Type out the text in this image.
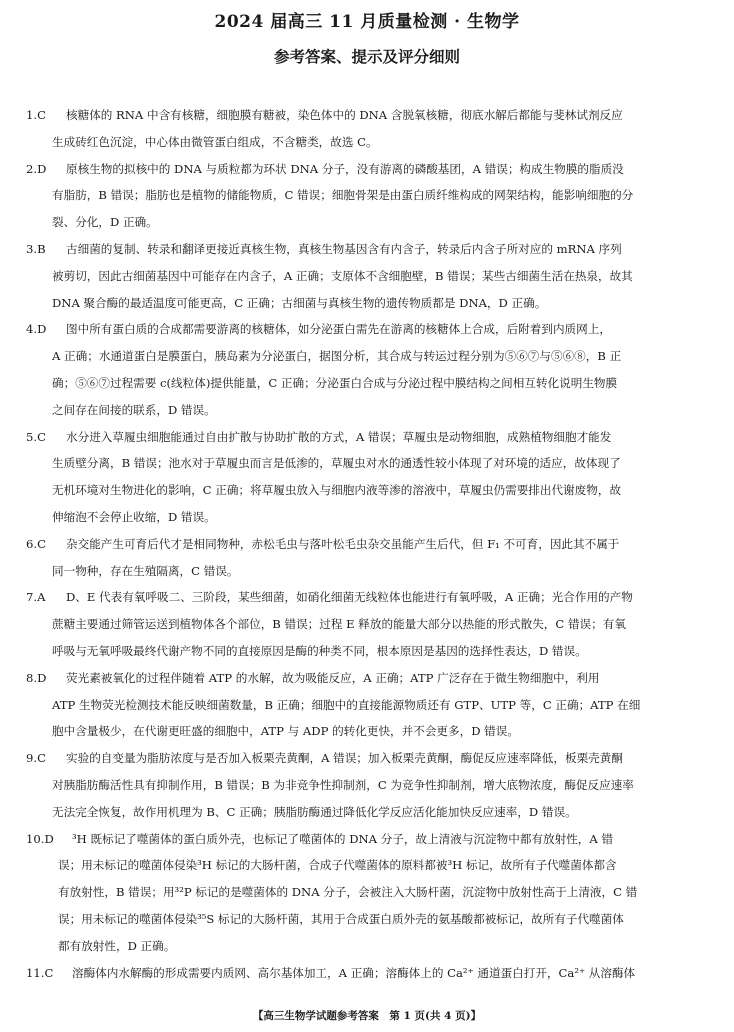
2024 届高三 11 月质量检测 · 生物学
参考答案、提示及评分细则
1.C	核糖体的 RNA 中含有核糖，细胞膜有糖被，染色体中的 DNA 含脱氧核糖，彻底水解后都能与斐林试剂反应
生成砖红色沉淀，中心体由微管蛋白组成，不含糖类，故选 C。
2.D	原核生物的拟核中的 DNA 与质粒都为环状 DNA 分子，没有游离的磷酸基团，A 错误；构成生物膜的脂质没
有脂肪，B 错误；脂肪也是植物的储能物质，C 错误；细胞骨架是由蛋白质纤维构成的网架结构，能影响细胞的分
裂、分化，D 正确。
3.B	古细菌的复制、转录和翻译更接近真核生物，真核生物基因含有内含子，转录后内含子所对应的 mRNA 序列
被剪切，因此古细菌基因中可能存在内含子，A 正确；支原体不含细胞壁，B 错误；某些古细菌生活在热泉，故其
DNA 聚合酶的最适温度可能更高，C 正确；古细菌与真核生物的遗传物质都是 DNA，D 正确。
4.D	图中所有蛋白质的合成都需要游离的核糖体，如分泌蛋白需先在游离的核糖体上合成，后附着到内质网上，
A 正确；水通道蛋白是膜蛋白，胰岛素为分泌蛋白，据图分析，其合成与转运过程分别为⑤⑥⑦与⑤⑥⑧，B 正
确；⑤⑥⑦过程需要 c(线粒体)提供能量，C 正确；分泌蛋白合成与分泌过程中膜结构之间相互转化说明生物膜
之间存在间接的联系，D 错误。
5.C	水分进入草履虫细胞能通过自由扩散与协助扩散的方式，A 错误；草履虫是动物细胞，成熟植物细胞才能发
生质壁分离，B 错误；池水对于草履虫而言是低渗的，草履虫对水的通透性较小体现了对环境的适应，故体现了
无机环境对生物进化的影响，C 正确；将草履虫放入与细胞内液等渗的溶液中，草履虫仍需要排出代谢废物，故
伸缩泡不会停止收缩，D 错误。
6.C	杂交能产生可育后代才是相同物种，赤松毛虫与落叶松毛虫杂交虽能产生后代，但 F₁ 不可育，因此其不属于
同一物种，存在生殖隔离，C 错误。
7.A	D、E 代表有氧呼吸二、三阶段，某些细菌，如硝化细菌无线粒体也能进行有氧呼吸，A 正确；光合作用的产物
蔗糖主要通过筛管运送到植物体各个部位，B 错误；过程 E 释放的能量大部分以热能的形式散失，C 错误；有氧
呼吸与无氧呼吸最终代谢产物不同的直接原因是酶的种类不同，根本原因是基因的选择性表达，D 错误。
8.D	荧光素被氧化的过程伴随着 ATP 的水解，故为吸能反应，A 正确；ATP 广泛存在于微生物细胞中，利用
ATP 生物荧光检测技术能反映细菌数量，B 正确；细胞中的直接能源物质还有 GTP、UTP 等，C 正确；ATP 在细
胞中含量极少，在代谢更旺盛的细胞中，ATP 与 ADP 的转化更快，并不会更多，D 错误。
9.C	实验的自变量为脂肪浓度与是否加入板栗壳黄酮，A 错误；加入板栗壳黄酮，酶促反应速率降低，板栗壳黄酮
对胰脂肪酶活性具有抑制作用，B 错误；B 为非竞争性抑制剂，C 为竞争性抑制剂，增大底物浓度，酶促反应速率
无法完全恢复，故作用机理为 B、C 正确；胰脂肪酶通过降低化学反应活化能加快反应速率，D 错误。
10.D	³H 既标记了噬菌体的蛋白质外壳，也标记了噬菌体的 DNA 分子，故上清液与沉淀物中都有放射性，A 错
误；用未标记的噬菌体侵染³H 标记的大肠杆菌，合成子代噬菌体的原料都被³H 标记，故所有子代噬菌体都含
有放射性，B 错误；用³²P 标记的是噬菌体的 DNA 分子，会被注入大肠杆菌，沉淀物中放射性高于上清液，C 错
误；用未标记的噬菌体侵染³⁵S 标记的大肠杆菌，其用于合成蛋白质外壳的氨基酸都被标记，故所有子代噬菌体
都有放射性，D 正确。
11.C	溶酶体内水解酶的形成需要内质网、高尔基体加工，A 正确；溶酶体上的 Ca²⁺ 通道蛋白打开，Ca²⁺ 从溶酶体
【高三生物学试题参考答案　第 1 页(共 4 页)】
